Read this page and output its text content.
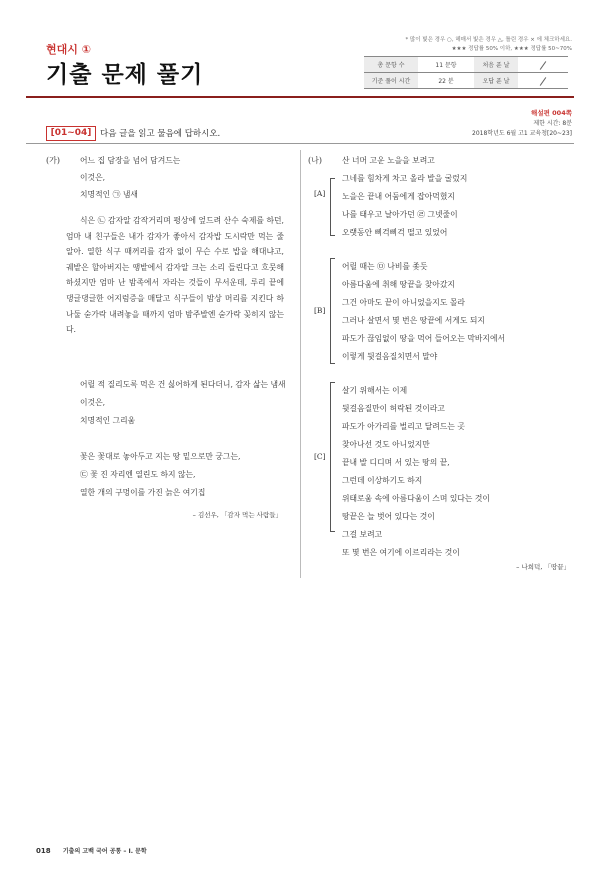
현대시 ①
기출 문제 풀기
* 많이 빛은 경우 ○, 헤매서 빛은 경우 △, 틀린 경우 × 에 체크하세요.
★★★ 정답률 50% 이하, ★★★ 정답률 50~70%
총 문항 수	11 문항	처음 푼 날	
기준 풀이 시간	22 분	오답 푼 날	
해설편 004쪽
제한 시간: 8분
2018학년도 6월 고1 교육청[20~23]
[01~04]	다음 글을 읽고 물음에 답하시오.
(가)	어느 집 담장을 넘어 담겨드는
이것은,
치명적인 ㉠ 냄새
식은 ㉡ 감자알 감작거리며 평상에 엎드려 산수 숙제를 하던, 엄마 내 친구들은 내가 감자가 좋아서 감자밥 도시락만 먹는 줄 알아. 열한 식구 때꺼리를 감자 없이 무슨 수로 밥을 해대냐고, 궤밭은 할아버지는 땡밭에서 감자알 크는 소리 들린다고 흐뭇해하셨지만 엄마 난 밤족에서 자라는 것들이 무서운데, 루리 끝에 댕글댕글한 어지럼증을 매달고 식구들이 밤상 머리를 지킨다 하나둘 숟가락 내려놓을 때까지 엄마 밤주발엔 숟가락 꽂히지 않는다.
어릴 적 질리도록 먹은 건 싫어하게 된다더니, 감자 삶는 냄새
이것은,
치명적인 그리움
꽃은 꽃대로 놓아두고 지는 땅 밑으로만 궁그는,
㉢ 꽃 진 자리엔 열린도 하지 않는,
열한 개의 구멍이를 가진 늙은 여기집
– 김선우, 「감자 먹는 사람들」
(나)	산 너머 고운 노을을 보려고
그네를 힘차게 차고 올라 발을 굴렀지
노을은 끝내 어둠에게 잡아먹혔지
나를 태우고 날아가던 ㉣ 그넷줄이
오랫동안 삐걱삐걱 떨고 있었어
[A]
어릴 때는 ㉤ 나비를 좇듯
아름다움에 취해 땅끝을 찾아갔지
그건 아마도 끝이 아니었을지도 몰라
그러나 살면서 몇 번은 땅끝에 서게도 되지
파도가 끊임없이 땅을 먹어 들어오는 막바지에서
이렇게 뒷걸음질치면서 말야
[B]
살기 위해서는 이제
뒷걸음질만이 허락된 것이라고
파도가 아가리를 벌리고 달려드는 곳
찾아나선 것도 아니었지만
끝내 발 디디며 서 있는 땅의 끝,
그런데 이상하기도 하지
위태로움 속에 아름다움이 스며 있다는 것이
땅끝은 늘 벗어 있다는 것이
그걸 보려고
또 몇 번은 여기에 이르리라는 것이
[C]
– 나희덕, 「땅끝」
018 기출의 고백 국어 공통 – I. 문학
